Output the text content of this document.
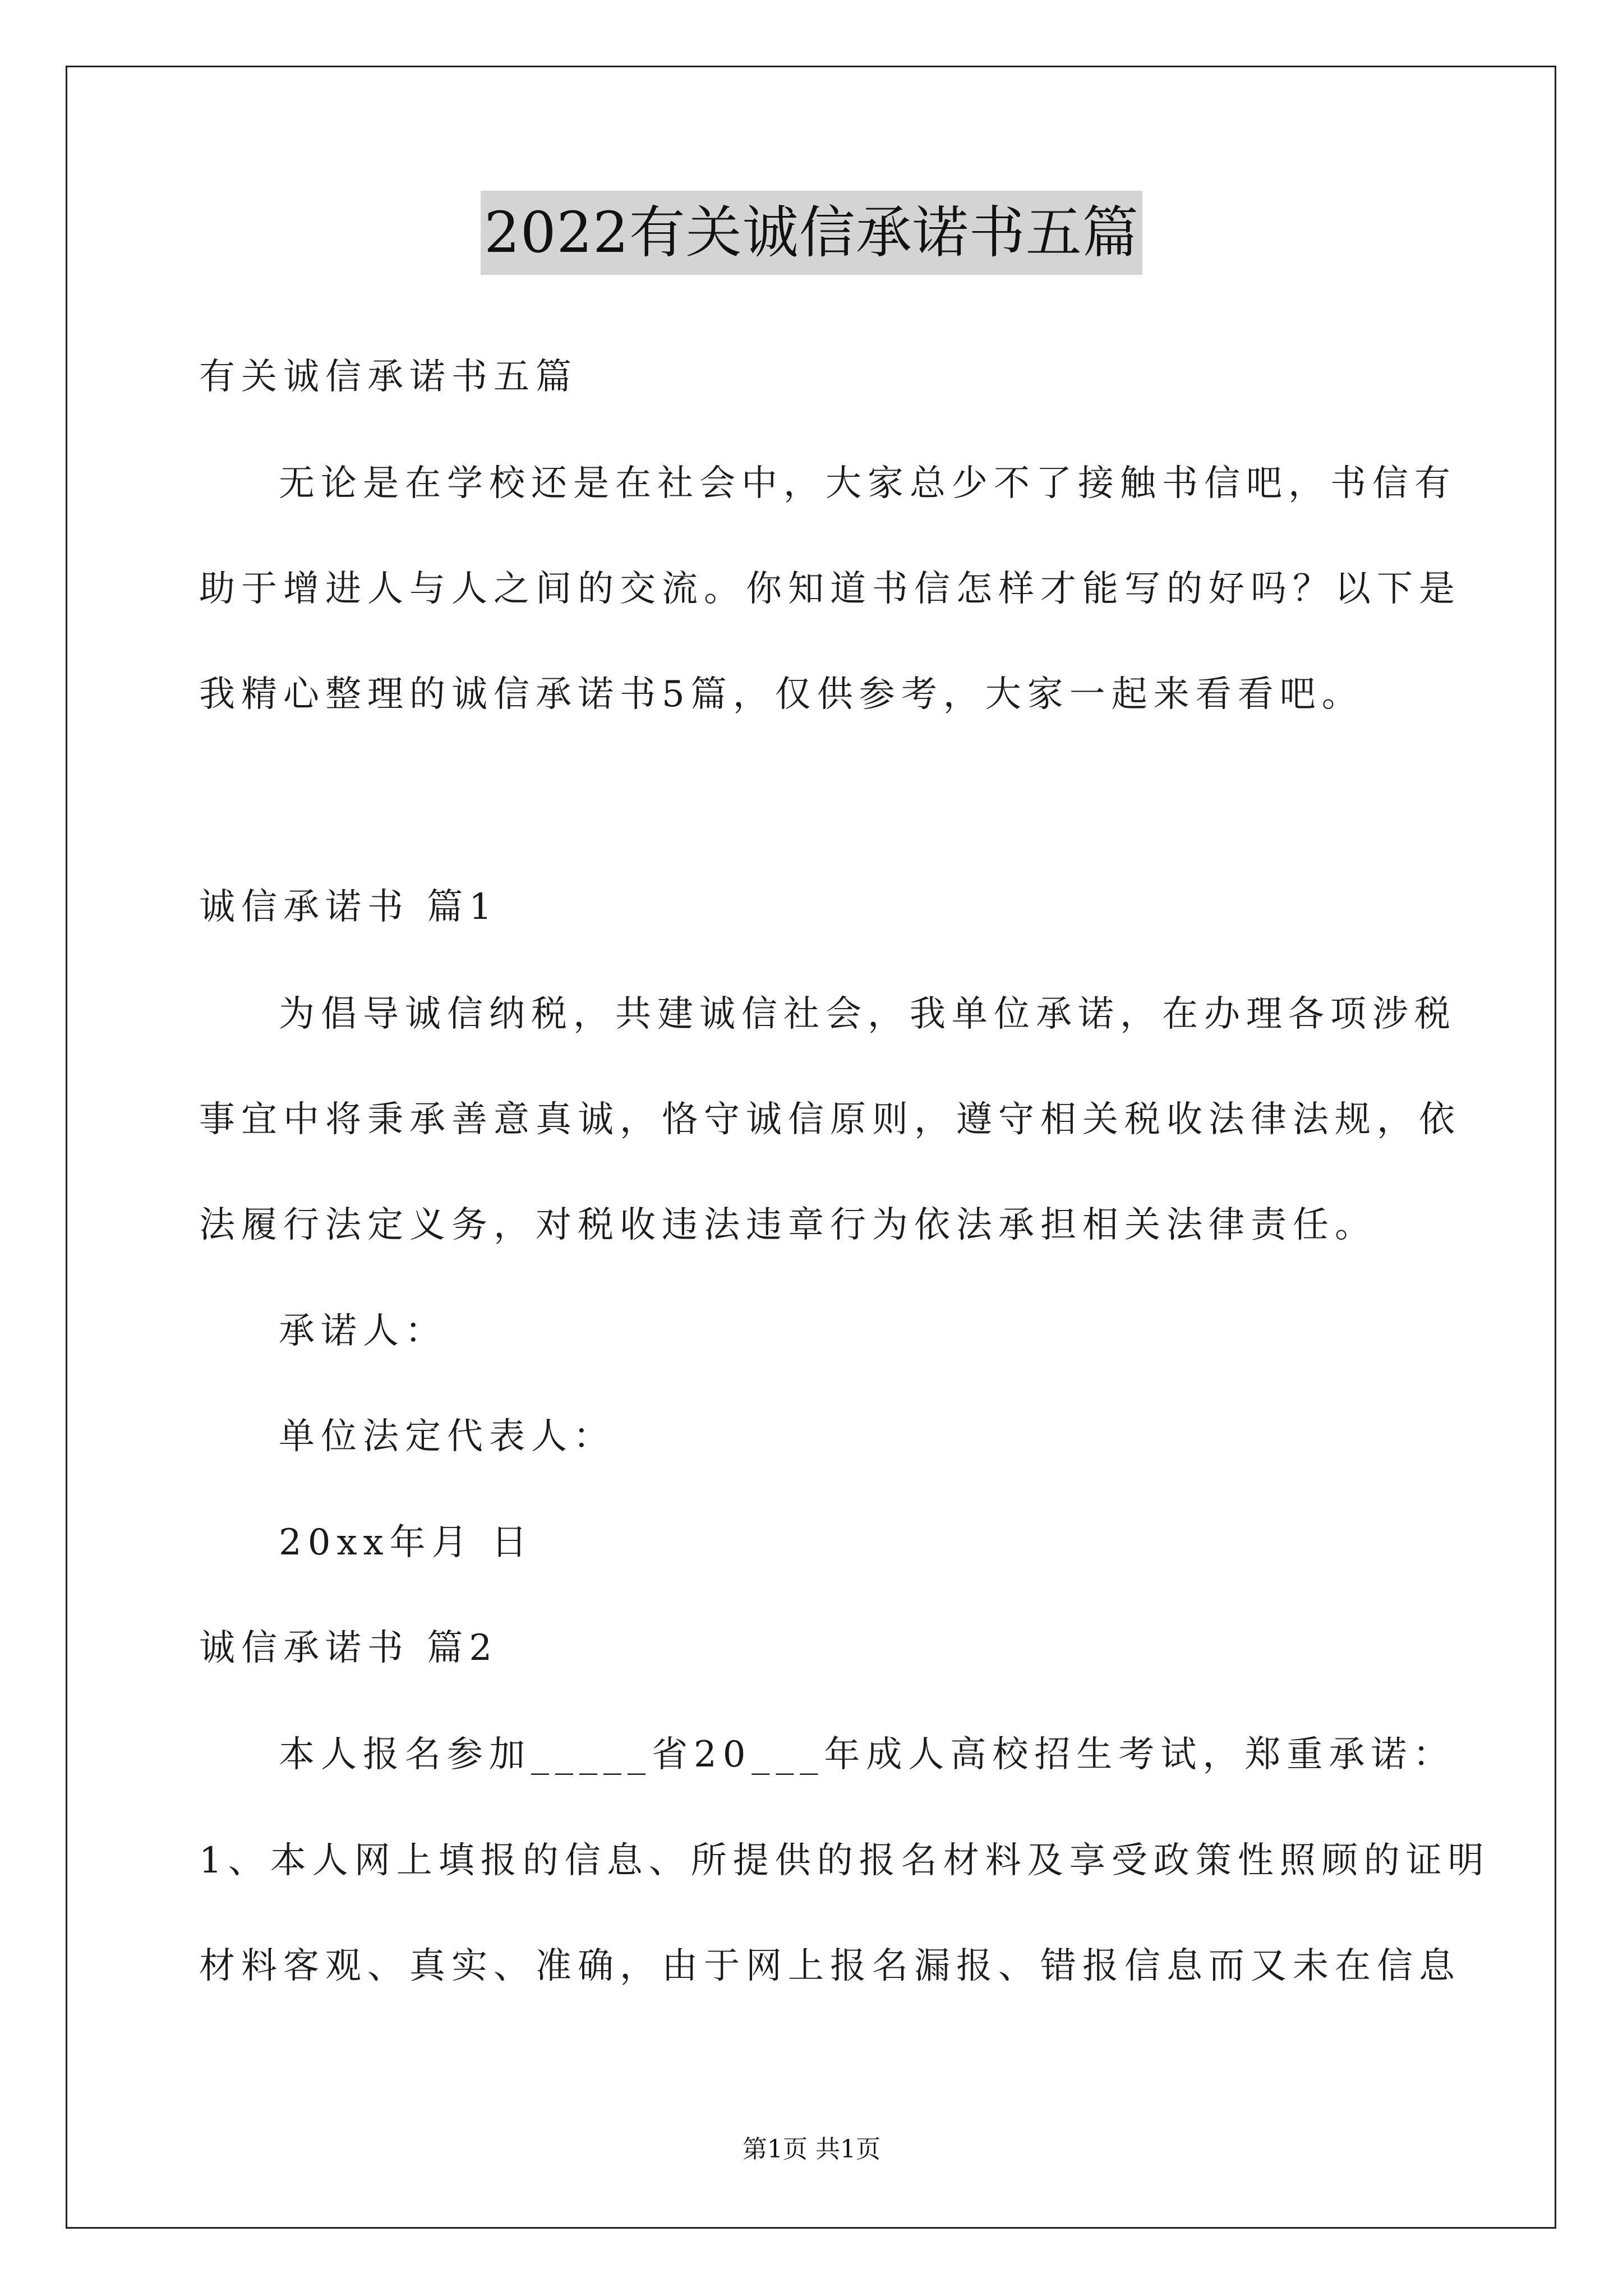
2022有关诚信承诺书五篇
有关诚信承诺书五篇
无论是在学校还是在社会中，大家总少不了接触书信吧，书信有
助于增进人与人之间的交流。你知道书信怎样才能写的好吗？以下是
我精心整理的诚信承诺书5篇，仅供参考，大家一起来看看吧。
诚信承诺书 篇1
为倡导诚信纳税，共建诚信社会，我单位承诺，在办理各项涉税
事宜中将秉承善意真诚，恪守诚信原则，遵守相关税收法律法规，依
法履行法定义务，对税收违法违章行为依法承担相关法律责任。
承诺人：
单位法定代表人：
20xx年月 日
诚信承诺书 篇2
本人报名参加_____省20___年成人高校招生考试，郑重承诺：
1、本人网上填报的信息、所提供的报名材料及享受政策性照顾的证明
材料客观、真实、准确，由于网上报名漏报、错报信息而又未在信息
第1页 共1页
